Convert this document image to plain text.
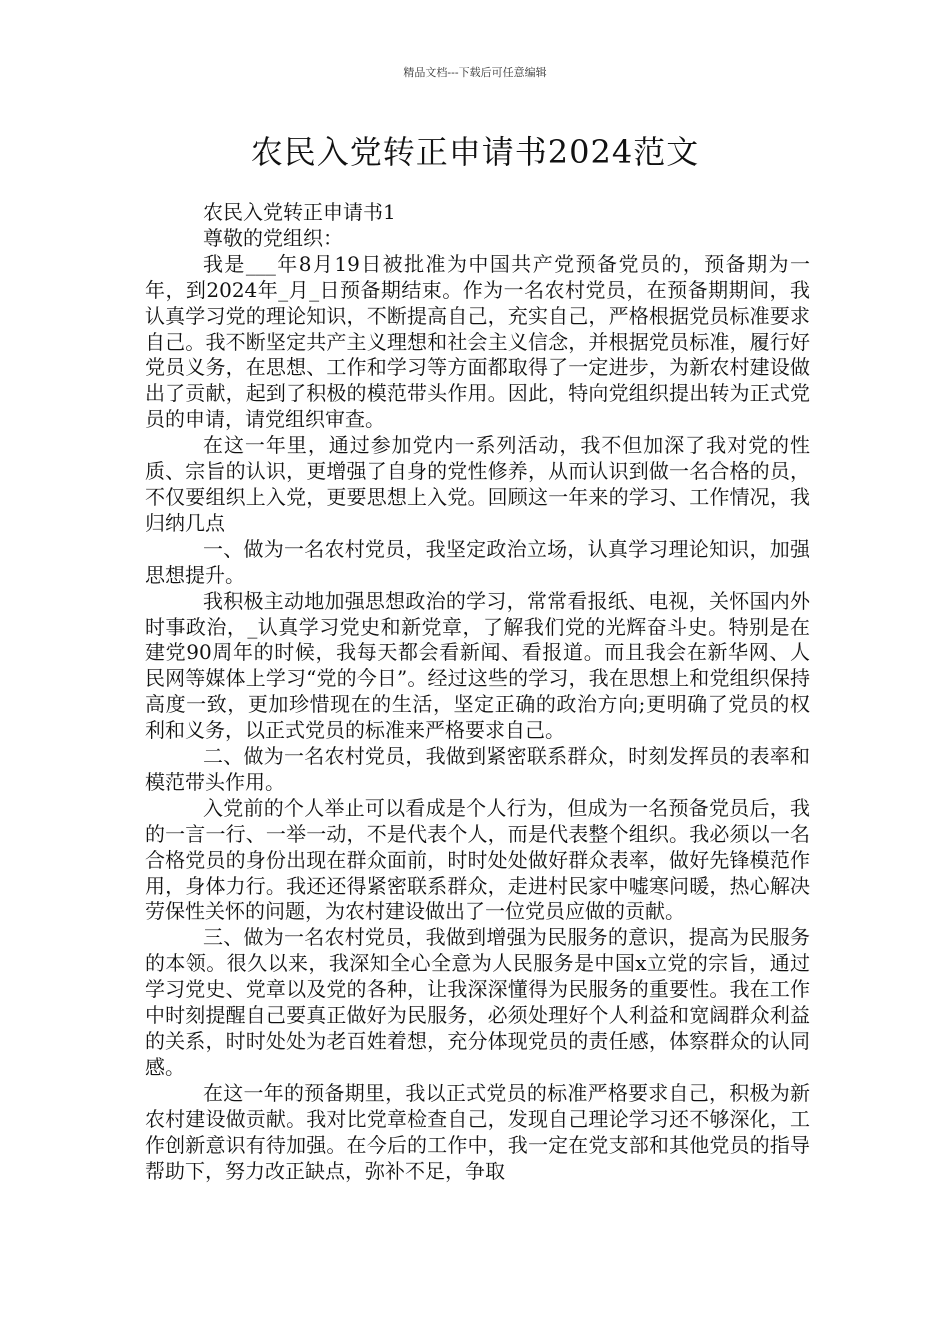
精品文档---下载后可任意编辑
农民入党转正申请书2024范文

农民入党转正申请书1

尊敬的党组织：

我是___年8月19日被批准为中国共产党预备党员的，预备期为一年，到2024年_月_日预备期结束。作为一名农村党员，在预备期期间，我认真学习党的理论知识，不断提高自己，充实自己，严格根据党员标准要求自己。我不断坚定共产主义理想和社会主义信念，并根据党员标准，履行好党员义务，在思想、工作和学习等方面都取得了一定进步，为新农村建设做出了贡献，起到了积极的模范带头作用。因此，特向党组织提出转为正式党员的申请，请党组织审查。

在这一年里，通过参加党内一系列活动，我不但加深了我对党的性质、宗旨的认识，更增强了自身的党性修养，从而认识到做一名合格的员，不仅要组织上入党，更要思想上入党。回顾这一年来的学习、工作情况，我归纳几点

一、做为一名农村党员，我坚定政治立场，认真学习理论知识，加强思想提升。

我积极主动地加强思想政治的学习，常常看报纸、电视，关怀国内外时事政治，_认真学习党史和新党章，了解我们党的光辉奋斗史。特别是在建党90周年的时候，我每天都会看新闻、看报道。而且我会在新华网、人民网等媒体上学习“党的今日”。经过这些的学习，我在思想上和党组织保持高度一致，更加珍惜现在的生活，坚定正确的政治方向;更明确了党员的权利和义务，以正式党员的标准来严格要求自己。

二、做为一名农村党员，我做到紧密联系群众，时刻发挥员的表率和模范带头作用。

入党前的个人举止可以看成是个人行为，但成为一名预备党员后，我的一言一行、一举一动，不是代表个人，而是代表整个组织。我必须以一名合格党员的身份出现在群众面前，时时处处做好群众表率，做好先锋模范作用，身体力行。我还还得紧密联系群众，走进村民家中嘘寒问暖，热心解决劳保性关怀的问题，为农村建设做出了一位党员应做的贡献。

三、做为一名农村党员，我做到增强为民服务的意识，提高为民服务的本领。很久以来，我深知全心全意为人民服务是中国x立党的宗旨，通过学习党史、党章以及党的各种，让我深深懂得为民服务的重要性。我在工作中时刻提醒自己要真正做好为民服务，必须处理好个人利益和宽阔群众利益的关系，时时处处为老百姓着想，充分体现党员的责任感，体察群众的认同感。

在这一年的预备期里，我以正式党员的标准严格要求自己，积极为新农村建设做贡献。我对比党章检查自己，发现自己理论学习还不够深化，工作创新意识有待加强。在今后的工作中，我一定在党支部和其他党员的指导帮助下，努力改正缺点，弥补不足，争取
